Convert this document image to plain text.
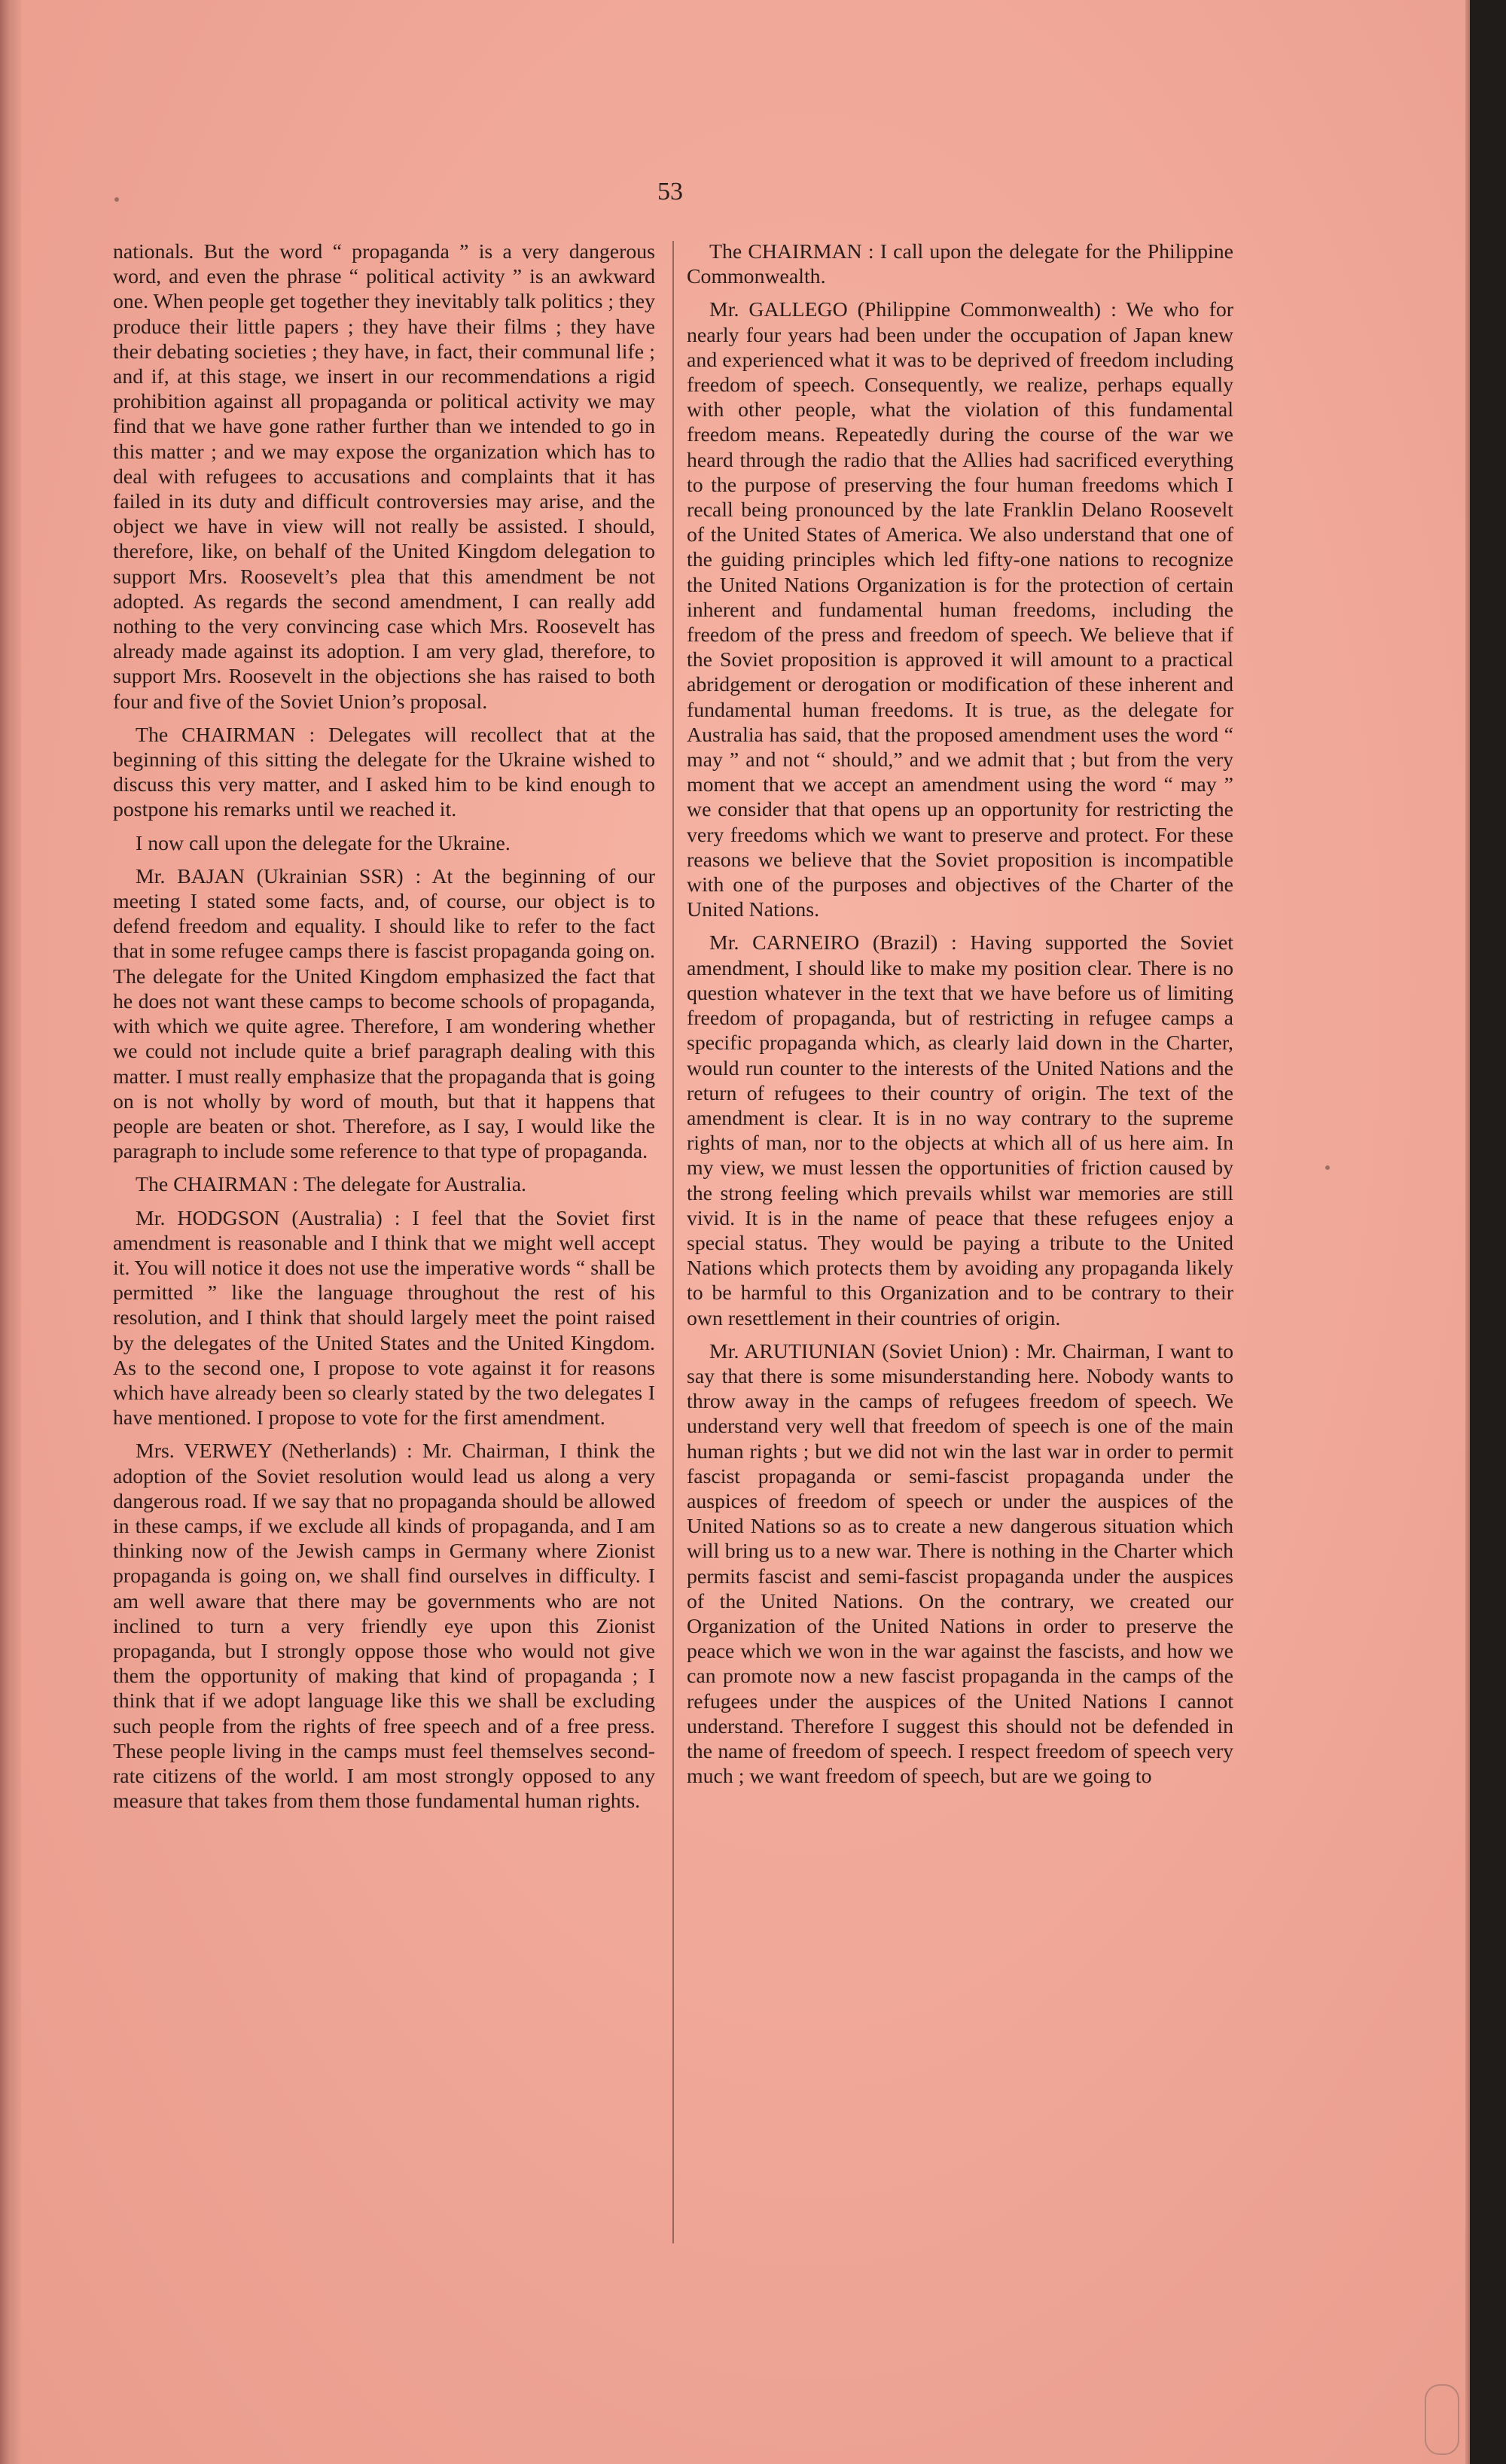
53

nationals. But the word “ propaganda ” is a very dangerous word, and even the phrase “ political activity ” is an awkward one. When people get together they inevitably talk politics ; they produce their little papers ; they have their films ; they have their debating societies ; they have, in fact, their communal life ; and if, at this stage, we insert in our recommendations a rigid prohibition against all propaganda or political activity we may find that we have gone rather further than we intended to go in this matter ; and we may expose the organization which has to deal with refugees to accusations and complaints that it has failed in its duty and difficult controversies may arise, and the object we have in view will not really be assisted. I should, therefore, like, on behalf of the United Kingdom delegation to support Mrs. Roosevelt’s plea that this amendment be not adopted. As regards the second amendment, I can really add nothing to the very convincing case which Mrs. Roosevelt has already made against its adoption. I am very glad, therefore, to support Mrs. Roosevelt in the objections she has raised to both four and five of the Soviet Union’s proposal.

The CHAIRMAN : Delegates will recollect that at the beginning of this sitting the delegate for the Ukraine wished to discuss this very matter, and I asked him to be kind enough to postpone his remarks until we reached it.

I now call upon the delegate for the Ukraine.

Mr. BAJAN (Ukrainian SSR) : At the beginning of our meeting I stated some facts, and, of course, our object is to defend freedom and equality. I should like to refer to the fact that in some refugee camps there is fascist propaganda going on. The delegate for the United Kingdom emphasized the fact that he does not want these camps to become schools of propaganda, with which we quite agree. Therefore, I am wondering whether we could not include quite a brief paragraph dealing with this matter. I must really emphasize that the propaganda that is going on is not wholly by word of mouth, but that it happens that people are beaten or shot. Therefore, as I say, I would like the paragraph to include some reference to that type of propaganda.

The CHAIRMAN : The delegate for Australia.

Mr. HODGSON (Australia) : I feel that the Soviet first amendment is reasonable and I think that we might well accept it. You will notice it does not use the imperative words “ shall be permitted ” like the language throughout the rest of his resolution, and I think that should largely meet the point raised by the delegates of the United States and the United Kingdom. As to the second one, I propose to vote against it for reasons which have already been so clearly stated by the two delegates I have mentioned. I propose to vote for the first amendment.

Mrs. VERWEY (Netherlands) : Mr. Chairman, I think the adoption of the Soviet resolution would lead us along a very dangerous road. If we say that no propaganda should be allowed in these camps, if we exclude all kinds of propaganda, and I am thinking now of the Jewish camps in Germany where Zionist propaganda is going on, we shall find ourselves in difficulty. I am well aware that there may be governments who are not inclined to turn a very friendly eye upon this Zionist propaganda, but I strongly oppose those who would not give them the opportunity of making that kind of propaganda ; I think that if we adopt language like this we shall be excluding such people from the rights of free speech and of a free press. These people living in the camps must feel themselves second-rate citizens of the world. I am most strongly opposed to any measure that takes from them those fundamental human rights.

The CHAIRMAN : I call upon the delegate for the Philippine Commonwealth.

Mr. GALLEGO (Philippine Commonwealth) : We who for nearly four years had been under the occupation of Japan knew and experienced what it was to be deprived of freedom including freedom of speech. Consequently, we realize, perhaps equally with other people, what the violation of this fundamental freedom means. Repeatedly during the course of the war we heard through the radio that the Allies had sacrificed everything to the purpose of preserving the four human freedoms which I recall being pronounced by the late Franklin Delano Roosevelt of the United States of America. We also understand that one of the guiding principles which led fifty-one nations to recognize the United Nations Organization is for the protection of certain inherent and fundamental human freedoms, including the freedom of the press and freedom of speech. We believe that if the Soviet proposition is approved it will amount to a practical abridgement or derogation or modification of these inherent and fundamental human freedoms. It is true, as the delegate for Australia has said, that the proposed amendment uses the word “ may ” and not “ should,” and we admit that ; but from the very moment that we accept an amendment using the word “ may ” we consider that that opens up an opportunity for restricting the very freedoms which we want to preserve and protect. For these reasons we believe that the Soviet proposition is incompatible with one of the purposes and objectives of the Charter of the United Nations.

Mr. CARNEIRO (Brazil) : Having supported the Soviet amendment, I should like to make my position clear. There is no question whatever in the text that we have before us of limiting freedom of propaganda, but of restricting in refugee camps a specific propaganda which, as clearly laid down in the Charter, would run counter to the interests of the United Nations and the return of refugees to their country of origin. The text of the amendment is clear. It is in no way contrary to the supreme rights of man, nor to the objects at which all of us here aim. In my view, we must lessen the opportunities of friction caused by the strong feeling which prevails whilst war memories are still vivid. It is in the name of peace that these refugees enjoy a special status. They would be paying a tribute to the United Nations which protects them by avoiding any propaganda likely to be harmful to this Organization and to be contrary to their own resettlement in their countries of origin.

Mr. ARUTIUNIAN (Soviet Union) : Mr. Chairman, I want to say that there is some misunderstanding here. Nobody wants to throw away in the camps of refugees freedom of speech. We understand very well that freedom of speech is one of the main human rights ; but we did not win the last war in order to permit fascist propaganda or semi-fascist propaganda under the auspices of freedom of speech or under the auspices of the United Nations so as to create a new dangerous situation which will bring us to a new war. There is nothing in the Charter which permits fascist and semi-fascist propaganda under the auspices of the United Nations. On the contrary, we created our Organization of the United Nations in order to preserve the peace which we won in the war against the fascists, and how we can promote now a new fascist propaganda in the camps of the refugees under the auspices of the United Nations I cannot understand. Therefore I suggest this should not be defended in the name of freedom of speech. I respect freedom of speech very much ; we want freedom of speech, but are we going to
